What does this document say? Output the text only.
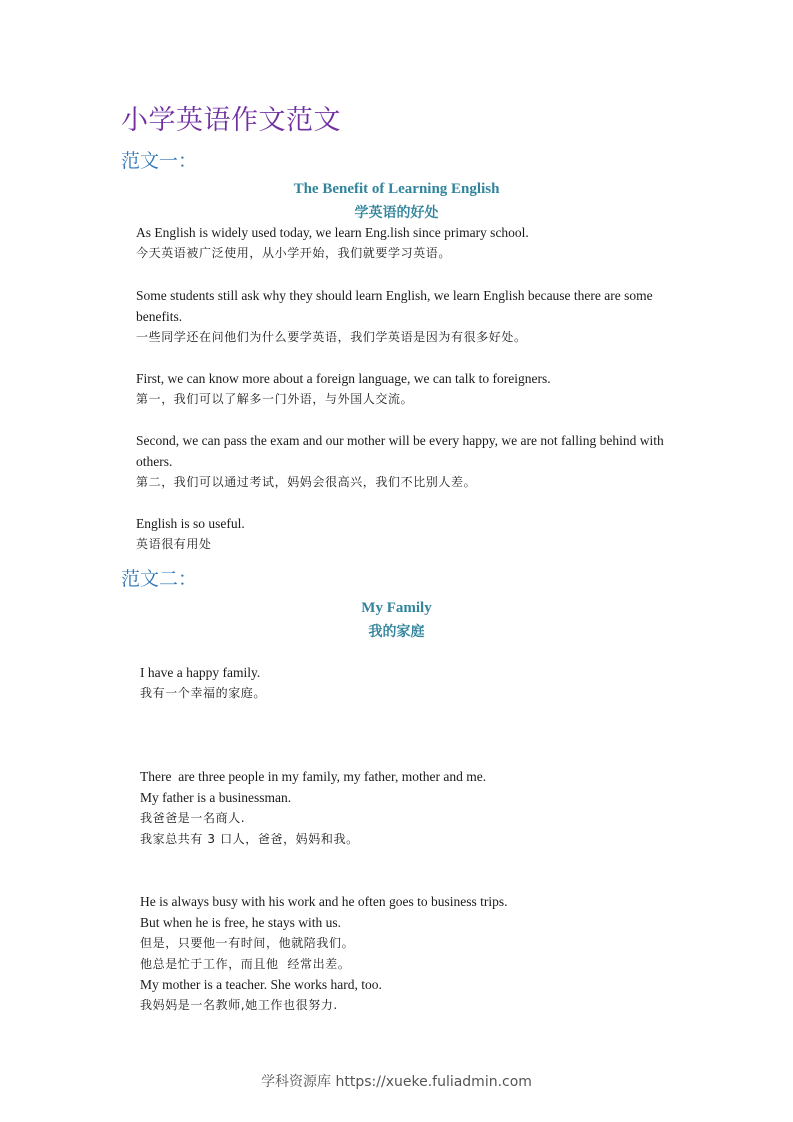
小学英语作文范文
范文一：
The Benefit of Learning English
学英语的好处
As English is widely used today, we learn Eng.lish since primary school.
今天英语被广泛使用，从小学开始，我们就要学习英语。
Some students still ask why they should learn English, we learn English because there are some benefits.
一些同学还在问他们为什么要学英语，我们学英语是因为有很多好处。
First, we can know more about a foreign language, we can talk to foreigners.
第一，我们可以了解多一门外语，与外国人交流。
Second, we can pass the exam and our mother will be every happy, we are not falling behind with others.
第二，我们可以通过考试，妈妈会很高兴，我们不比别人差。
English is so useful.
英语很有用处
范文二：
My Family
我的家庭
I have a happy family.
我有一个幸福的家庭。

There  are three people in my family, my father, mother and me.

我家总共有 3 口人，爸爸，妈妈和我。

My father is a businessman.
我爸爸是一名商人.

He is always busy with his work and he often goes to business trips.

他总是忙于工作，而且他  经常出差。

But when he is free, he stays with us.
但是，只要他一有时间，他就陪我们。
My mother is a teacher. She works hard, too.
我妈妈是一名教师,她工作也很努力.
学科资源库 https://xueke.fuliadmin.com
